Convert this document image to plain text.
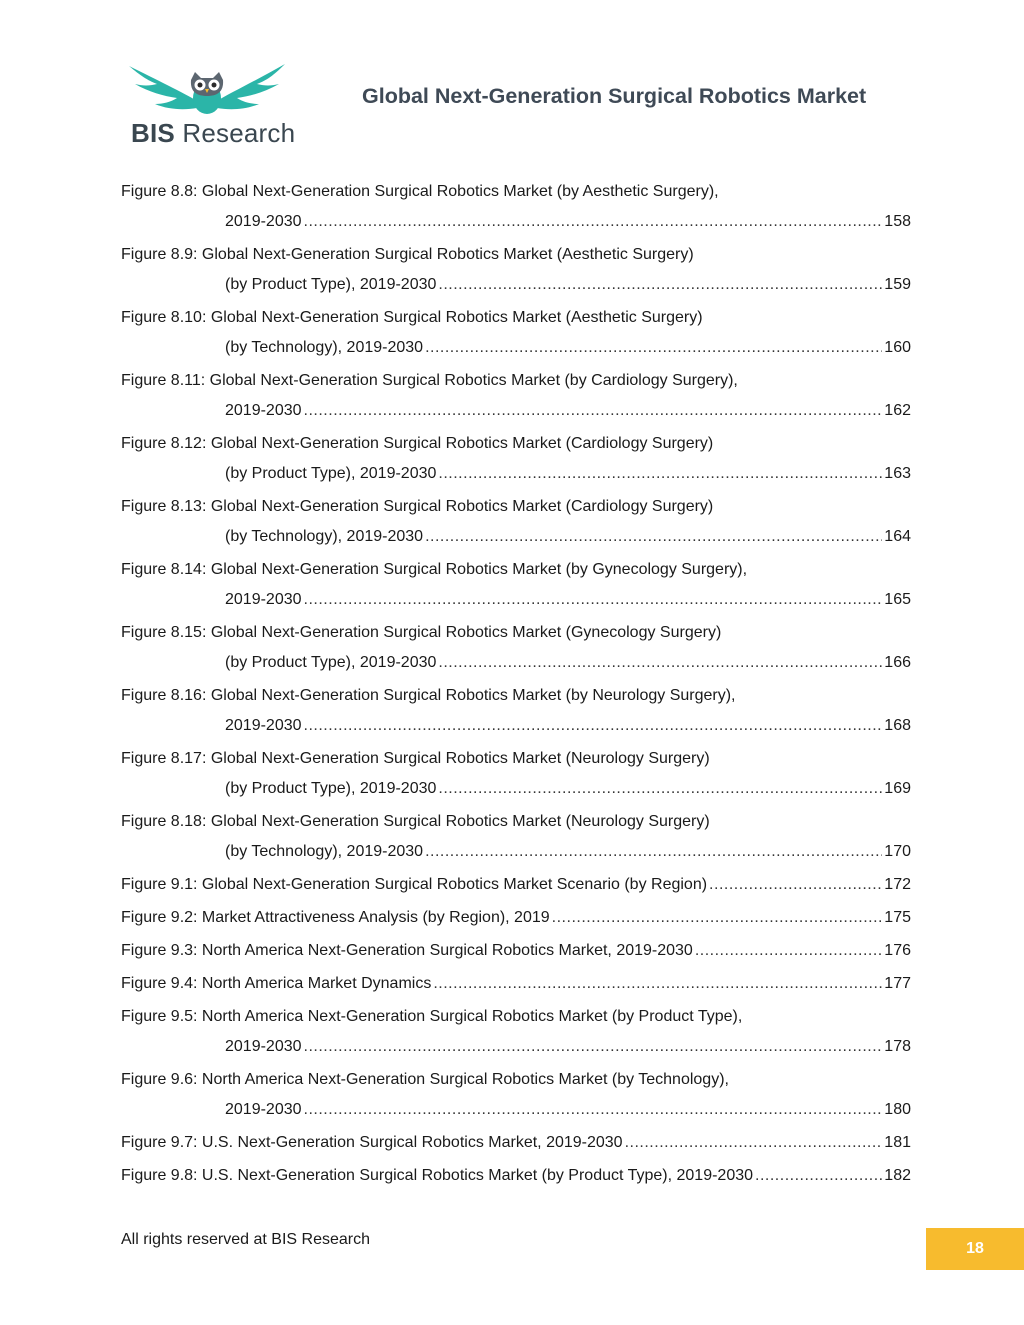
BIS Research
Global Next-Generation Surgical Robotics Market
Figure 8.8: Global Next-Generation Surgical Robotics Market (by Aesthetic Surgery),
2019-2030 .....	158
Figure 8.9: Global Next-Generation Surgical Robotics Market (Aesthetic Surgery)
(by Product Type), 2019-2030 .....	159
Figure 8.10: Global Next-Generation Surgical Robotics Market (Aesthetic Surgery)
(by Technology), 2019-2030 .....	160
Figure 8.11: Global Next-Generation Surgical Robotics Market (by Cardiology Surgery),
2019-2030 .....	162
Figure 8.12: Global Next-Generation Surgical Robotics Market (Cardiology Surgery)
(by Product Type), 2019-2030 .....	163
Figure 8.13: Global Next-Generation Surgical Robotics Market (Cardiology Surgery)
(by Technology), 2019-2030 .....	164
Figure 8.14: Global Next-Generation Surgical Robotics Market (by Gynecology Surgery),
2019-2030 .....	165
Figure 8.15: Global Next-Generation Surgical Robotics Market (Gynecology Surgery)
(by Product Type), 2019-2030 .....	166
Figure 8.16: Global Next-Generation Surgical Robotics Market (by Neurology Surgery),
2019-2030 .....	168
Figure 8.17: Global Next-Generation Surgical Robotics Market (Neurology Surgery)
(by Product Type), 2019-2030 .....	169
Figure 8.18: Global Next-Generation Surgical Robotics Market (Neurology Surgery)
(by Technology), 2019-2030 .....	170
Figure 9.1: Global Next-Generation Surgical Robotics Market Scenario (by Region) .....	172
Figure 9.2: Market Attractiveness Analysis (by Region), 2019 .....	175
Figure 9.3: North America Next-Generation Surgical Robotics Market, 2019-2030 .....	176
Figure 9.4: North America Market Dynamics .....	177
Figure 9.5: North America Next-Generation Surgical Robotics Market (by Product Type),
2019-2030 .....	178
Figure 9.6: North America Next-Generation Surgical Robotics Market (by Technology),
2019-2030 .....	180
Figure 9.7: U.S. Next-Generation Surgical Robotics Market, 2019-2030 .....	181
Figure 9.8: U.S. Next-Generation Surgical Robotics Market (by Product Type), 2019-2030 .....	182
All rights reserved at BIS Research
18
